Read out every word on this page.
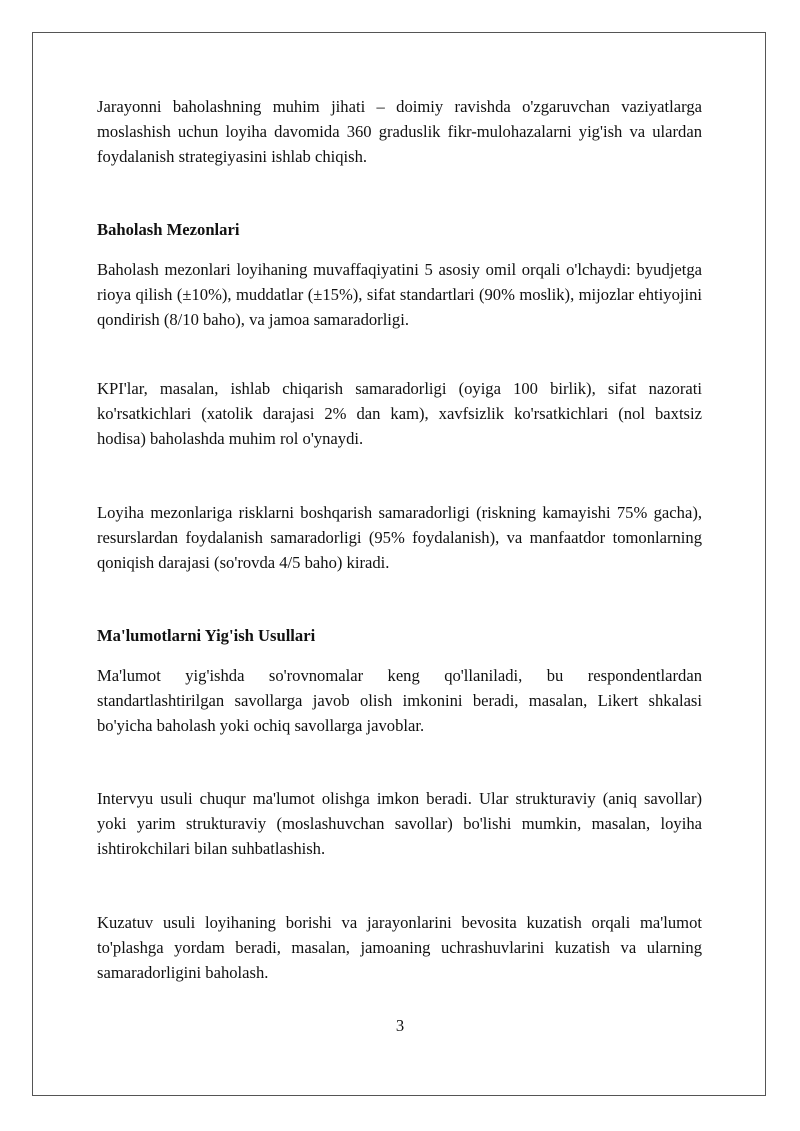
Jarayonni baholashning muhim jihati – doimiy ravishda o'zgaruvchan vaziyatlarga moslashish uchun loyiha davomida 360 graduslik fikr-mulohazalarni yig'ish va ulardan foydalanish strategiyasini ishlab chiqish.

Baholash Mezonlari

Baholash mezonlari loyihaning muvaffaqiyatini 5 asosiy omil orqali o'lchaydi: byudjetga rioya qilish (±10%), muddatlar (±15%), sifat standartlari (90% moslik), mijozlar ehtiyojini qondirish (8/10 baho), va jamoa samaradorligi.

KPI'lar, masalan, ishlab chiqarish samaradorligi (oyiga 100 birlik), sifat nazorati ko'rsatkichlari (xatolik darajasi 2% dan kam), xavfsizlik ko'rsatkichlari (nol baxtsiz hodisa) baholashda muhim rol o'ynaydi.

Loyiha mezonlariga risklarni boshqarish samaradorligi (riskning kamayishi 75% gacha), resurslardan foydalanish samaradorligi (95% foydalanish), va manfaatdor tomonlarning qoniqish darajasi (so'rovda 4/5 baho) kiradi.

Ma'lumotlarni Yig'ish Usullari

Ma'lumot yig'ishda so'rovnomalar keng qo'llaniladi, bu respondentlardan standartlashtirilgan savollarga javob olish imkonini beradi, masalan, Likert shkalasi bo'yicha baholash yoki ochiq savollarga javoblar.

Intervyu usuli chuqur ma'lumot olishga imkon beradi. Ular strukturaviy (aniq savollar) yoki yarim strukturaviy (moslashuvchan savollar) bo'lishi mumkin, masalan, loyiha ishtirokchilari bilan suhbatlashish.

Kuzatuv usuli loyihaning borishi va jarayonlarini bevosita kuzatish orqali ma'lumot to'plashga yordam beradi, masalan, jamoaning uchrashuvlarini kuzatish va ularning samaradorligini baholash.

3
